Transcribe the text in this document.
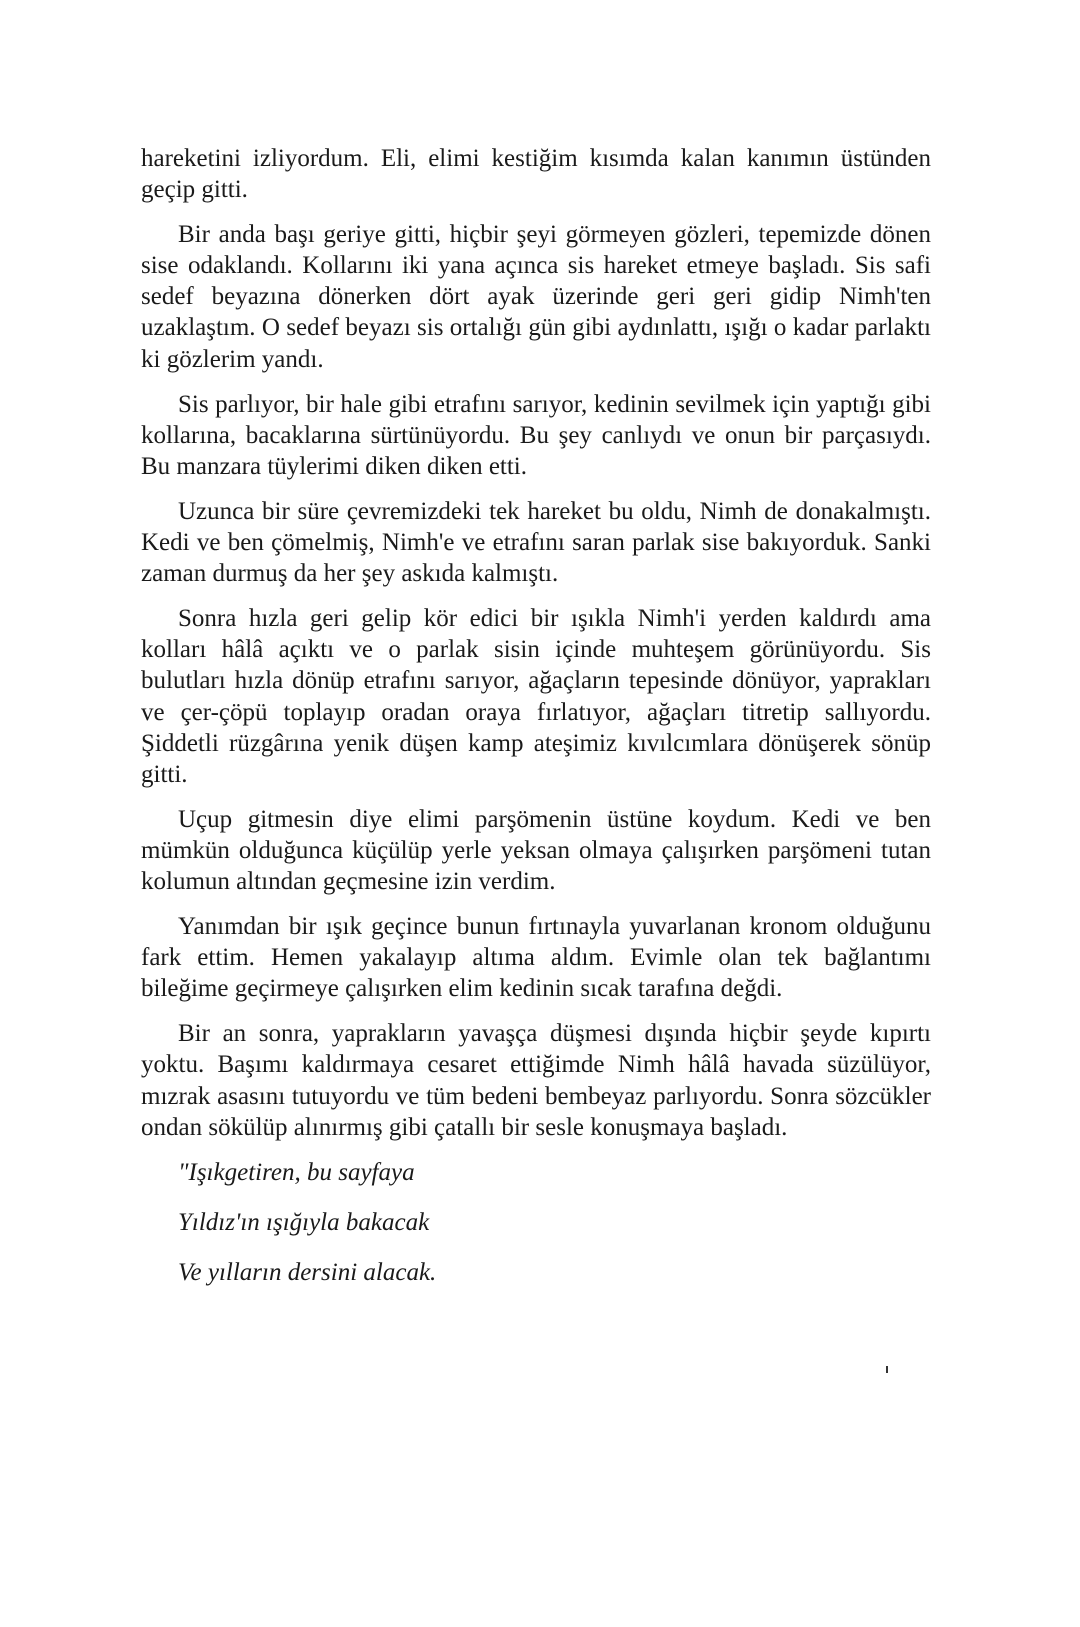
hareketini izliyordum. Eli, elimi kestiğim kısımda kalan kanımın üstünden geçip gitti.

Bir anda başı geriye gitti, hiçbir şeyi görmeyen gözleri, tepemizde dönen sise odaklandı. Kollarını iki yana açınca sis hareket etmeye başladı. Sis safi sedef beyazına dönerken dört ayak üzerinde geri geri gidip Nimh'ten uzaklaştım. O sedef beyazı sis ortalığı gün gibi aydınlattı, ışığı o kadar parlaktı ki gözlerim yandı.

Sis parlıyor, bir hale gibi etrafını sarıyor, kedinin sevilmek için yaptığı gibi kollarına, bacaklarına sürtünüyordu. Bu şey canlıydı ve onun bir parçasıydı. Bu manzara tüylerimi diken diken etti.

Uzunca bir süre çevremizdeki tek hareket bu oldu, Nimh de donakalmıştı. Kedi ve ben çömelmiş, Nimh'e ve etrafını saran parlak sise bakıyorduk. Sanki zaman durmuş da her şey askıda kalmıştı.

Sonra hızla geri gelip kör edici bir ışıkla Nimh'i yerden kaldırdı ama kolları hâlâ açıktı ve o parlak sisin içinde muhteşem görünüyordu. Sis bulutları hızla dönüp etrafını sarıyor, ağaçların tepesinde dönüyor, yaprakları ve çer-çöpü toplayıp oradan oraya fırlatıyor, ağaçları titretip sallıyordu. Şiddetli rüzgârına yenik düşen kamp ateşimiz kıvılcımlara dönüşerek sönüp gitti.

Uçup gitmesin diye elimi parşömenin üstüne koydum. Kedi ve ben mümkün olduğunca küçülüp yerle yeksan olmaya çalışırken parşömeni tutan kolumun altından geçmesine izin verdim.

Yanımdan bir ışık geçince bunun fırtınayla yuvarlanan kronom olduğunu fark ettim. Hemen yakalayıp altıma aldım. Evimle olan tek bağlantımı bileğime geçirmeye çalışırken elim kedinin sıcak tarafına değdi.

Bir an sonra, yaprakların yavaşça düşmesi dışında hiçbir şeyde kıpırtı yoktu. Başımı kaldırmaya cesaret ettiğimde Nimh hâlâ havada süzülüyor, mızrak asasını tutuyordu ve tüm bedeni bembeyaz parlıyordu. Sonra sözcükler ondan sökülüp alınırmış gibi çatallı bir sesle konuşmaya başladı.

"Işıkgetiren, bu sayfaya
Yıldız'ın ışığıyla bakacak
Ve yılların dersini alacak.
